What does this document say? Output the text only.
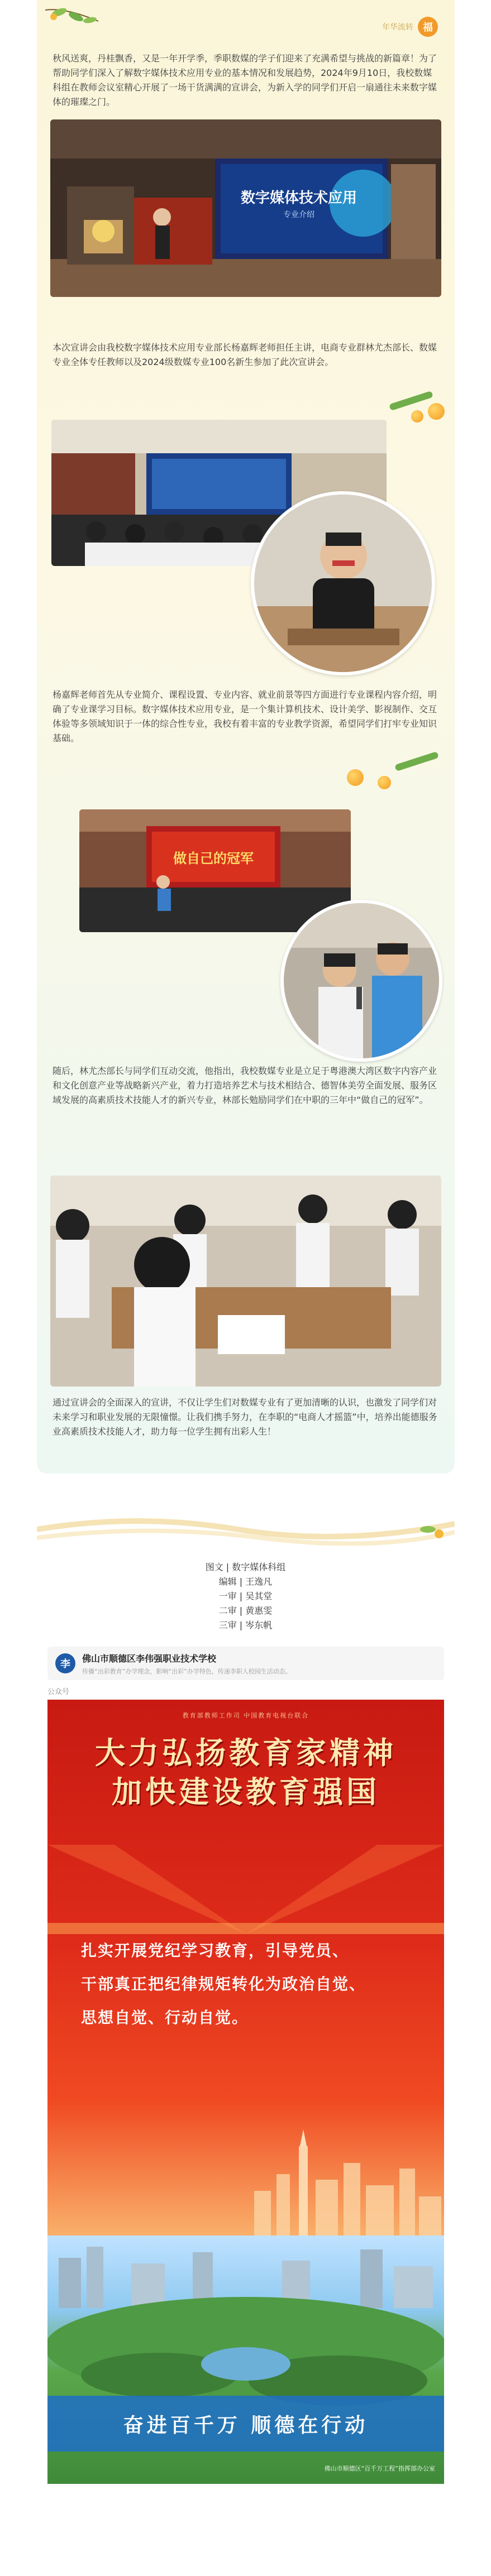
年华流转 福

秋风送爽，丹桂飘香，又是一年开学季，季职数媒的学子们迎来了充满希望与挑战的新篇章！为了帮助同学们深入了解数字媒体技术应用专业的基本情况和发展趋势，2024年9月10日，我校数媒科组在教师会议室精心开展了一场干货满满的宣讲会，为新入学的同学们开启一扇通往未来数字媒体的璀璨之门。

数字媒体技术应用
专业介绍

本次宣讲会由我校数字媒体技术应用专业部长杨嘉辉老师担任主讲，电商专业群林尤杰部长、数媒专业全体专任教师以及2024级数媒专业100名新生参加了此次宣讲会。

杨嘉辉老师首先从专业简介、课程设置、专业内容、就业前景等四方面进行专业课程内容介绍，明确了专业课学习目标。数字媒体技术应用专业，是一个集计算机技术、设计美学、影视制作、交互体验等多领域知识于一体的综合性专业，我校有着丰富的专业教学资源，希望同学们打牢专业知识基础。

做自己的冠军

随后，林尤杰部长与同学们互动交流，他指出，我校数媒专业是立足于粤港澳大湾区数字内容产业和文化创意产业等战略新兴产业，着力打造培养艺术与技术相结合、德智体美劳全面发展、服务区域发展的高素质技术技能人才的新兴专业，林部长勉励同学们在中职的三年中“做自己的冠军”。

通过宣讲会的全面深入的宣讲，不仅让学生们对数媒专业有了更加清晰的认识，也激发了同学们对未来学习和职业发展的无限憧憬。让我们携手努力，在李职的“电商人才摇篮”中，培养出能德服务业高素质技术技能人才，助力每一位学生拥有出彩人生！

图文 | 数字媒体科组
编辑 | 王逸凡
一审 | 吴其堂
二审 | 黄惠雯
三审 | 岑东帆
李	佛山市顺德区李伟强职业技术学校
传播“出彩教育”办学理念，影响“出彩”办学特色，传递李职人校园生活动态。
公众号
教育部教师工作司 中国教育电视台联合
大力弘扬教育家精神
加快建设教育强国
扎实开展党纪学习教育，引导党员、
干部真正把纪律规矩转化为政治自觉、
思想自觉、行动自觉。
奋进百千万 顺德在行动
佛山市顺德区“百千万工程”指挥部办公室
